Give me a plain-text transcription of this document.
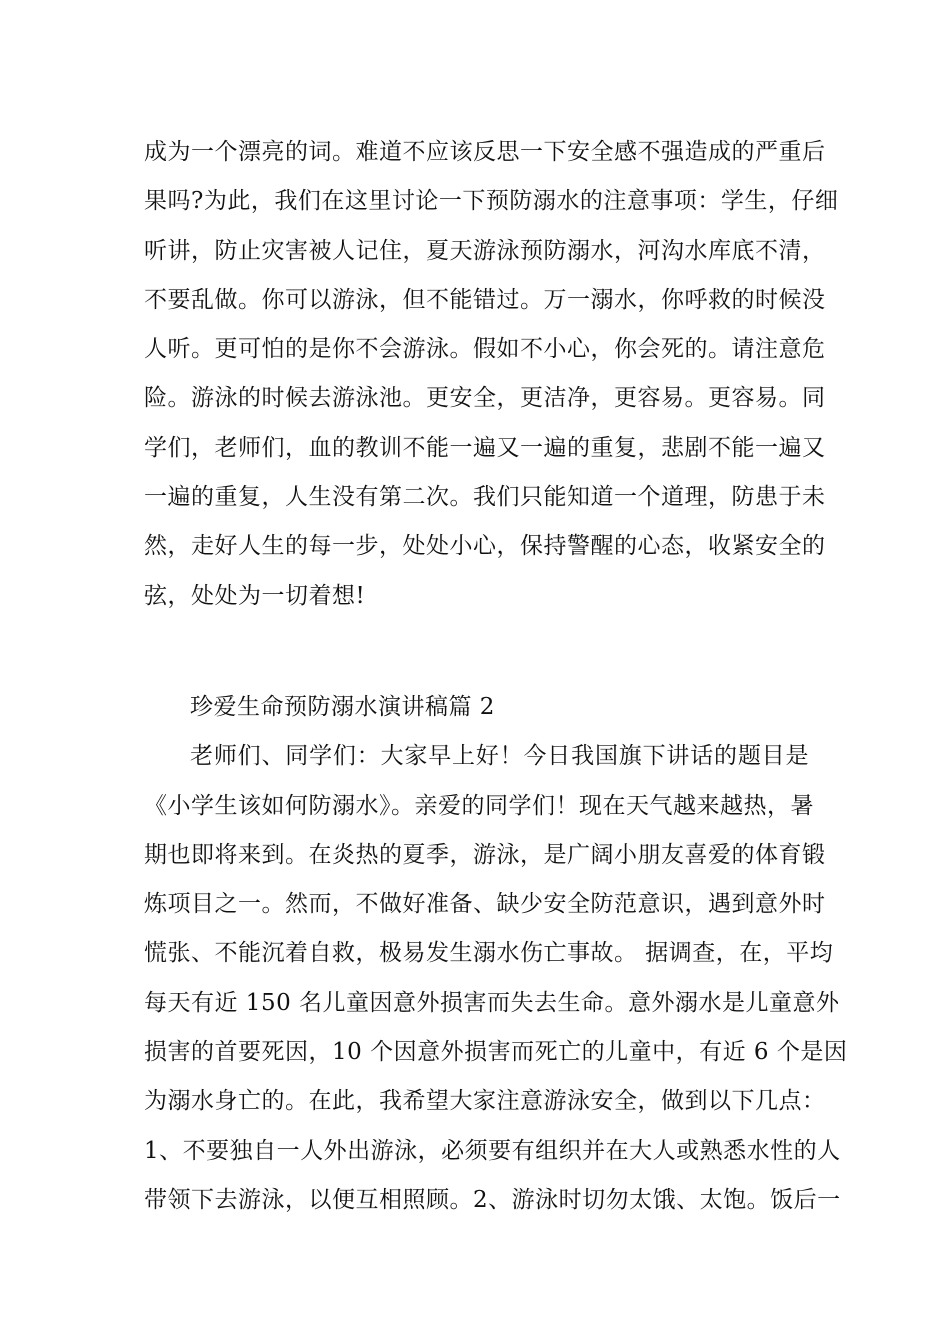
成为一个漂亮的词。难道不应该反思一下安全感不强造成的严重后
果吗?为此，我们在这里讨论一下预防溺水的注意事项：学生，仔细
听讲，防止灾害被人记住，夏天游泳预防溺水，河沟水库底不清，
不要乱做。你可以游泳，但不能错过。万一溺水，你呼救的时候没
人听。更可怕的是你不会游泳。假如不小心，你会死的。请注意危
险。游泳的时候去游泳池。更安全，更洁净，更容易。更容易。同
学们，老师们，血的教训不能一遍又一遍的重复，悲剧不能一遍又
一遍的重复，人生没有第二次。我们只能知道一个道理，防患于未
然，走好人生的每一步，处处小心，保持警醒的心态，收紧安全的
弦，处处为一切着想!
珍爱生命预防溺水演讲稿篇 2
老师们、同学们：大家早上好！今日我国旗下讲话的题目是
《小学生该如何防溺水》。亲爱的同学们！现在天气越来越热，暑
期也即将来到。在炎热的夏季，游泳，是广阔小朋友喜爱的体育锻
炼项目之一。然而，不做好准备、缺少安全防范意识，遇到意外时
慌张、不能沉着自救，极易发生溺水伤亡事故。 据调查，在，平均
每天有近 150 名儿童因意外损害而失去生命。意外溺水是儿童意外
损害的首要死因，10 个因意外损害而死亡的儿童中，有近 6 个是因
为溺水身亡的。在此，我希望大家注意游泳安全，做到以下几点：
1、不要独自一人外出游泳，必须要有组织并在大人或熟悉水性的人
带领下去游泳，以便互相照顾。2、游泳时切勿太饿、太饱。饭后一
